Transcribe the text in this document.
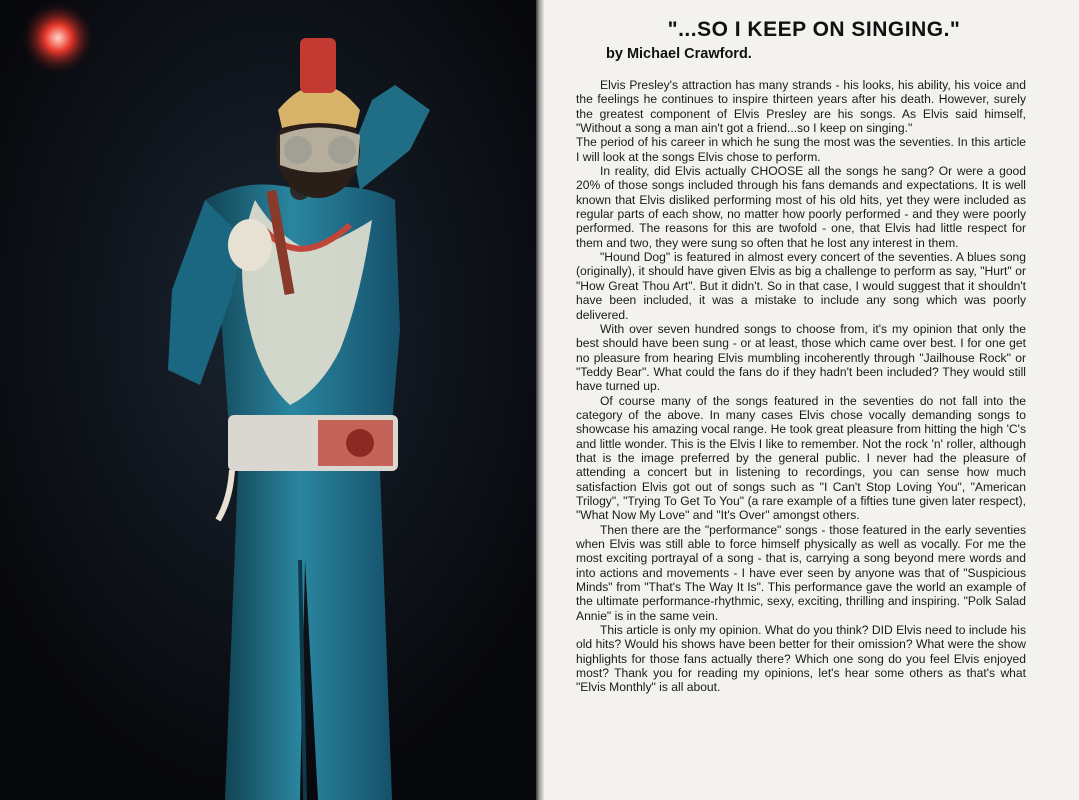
"...SO I KEEP ON SINGING."
by Michael Crawford.

Elvis Presley's attraction has many strands - his looks, his ability, his voice and the feelings he continues to inspire thirteen years after his death. However, surely the greatest component of Elvis Presley are his songs. As Elvis said himself, "Without a song a man ain't got a friend...so I keep on singing."

The period of his career in which he sung the most was the seventies. In this article I will look at the songs Elvis chose to perform.

In reality, did Elvis actually CHOOSE all the songs he sang? Or were a good 20% of those songs included through his fans demands and expectations. It is well known that Elvis disliked performing most of his old hits, yet they were included as regular parts of each show, no matter how poorly performed - and they were poorly performed. The reasons for this are twofold - one, that Elvis had little respect for them and two, they were sung so often that he lost any interest in them.

"Hound Dog" is featured in almost every concert of the seventies. A blues song (originally), it should have given Elvis as big a challenge to perform as say, "Hurt" or "How Great Thou Art". But it didn't. So in that case, I would suggest that it shouldn't have been included, it was a mistake to include any song which was poorly delivered.

With over seven hundred songs to choose from, it's my opinion that only the best should have been sung - or at least, those which came over best. I for one get no pleasure from hearing Elvis mumbling incoherently through "Jailhouse Rock" or "Teddy Bear". What could the fans do if they hadn't been included? They would still have turned up.

Of course many of the songs featured in the seventies do not fall into the category of the above. In many cases Elvis chose vocally demanding songs to showcase his amazing vocal range. He took great pleasure from hitting the high 'C's and little wonder. This is the Elvis I like to remember. Not the rock 'n' roller, although that is the image preferred by the general public. I never had the pleasure of attending a concert but in listening to recordings, you can sense how much satisfaction Elvis got out of songs such as "I Can't Stop Loving You", "American Trilogy", "Trying To Get To You" (a rare example of a fifties tune given later respect), "What Now My Love" and "It's Over" amongst others.

Then there are the "performance" songs - those featured in the early seventies when Elvis was still able to force himself physically as well as vocally. For me the most exciting portrayal of a song - that is, carrying a song beyond mere words and into actions and movements - I have ever seen by anyone was that of "Suspicious Minds" from "That's The Way It Is". This performance gave the world an example of the ultimate performance-rhythmic, sexy, exciting, thrilling and inspiring. "Polk Salad Annie" is in the same vein.

This article is only my opinion. What do you think? DID Elvis need to include his old hits? Would his shows have been better for their omission? What were the show highlights for those fans actually there? Which one song do you feel Elvis enjoyed most? Thank you for reading my opinions, let's hear some others as that's what "Elvis Monthly" is all about.
